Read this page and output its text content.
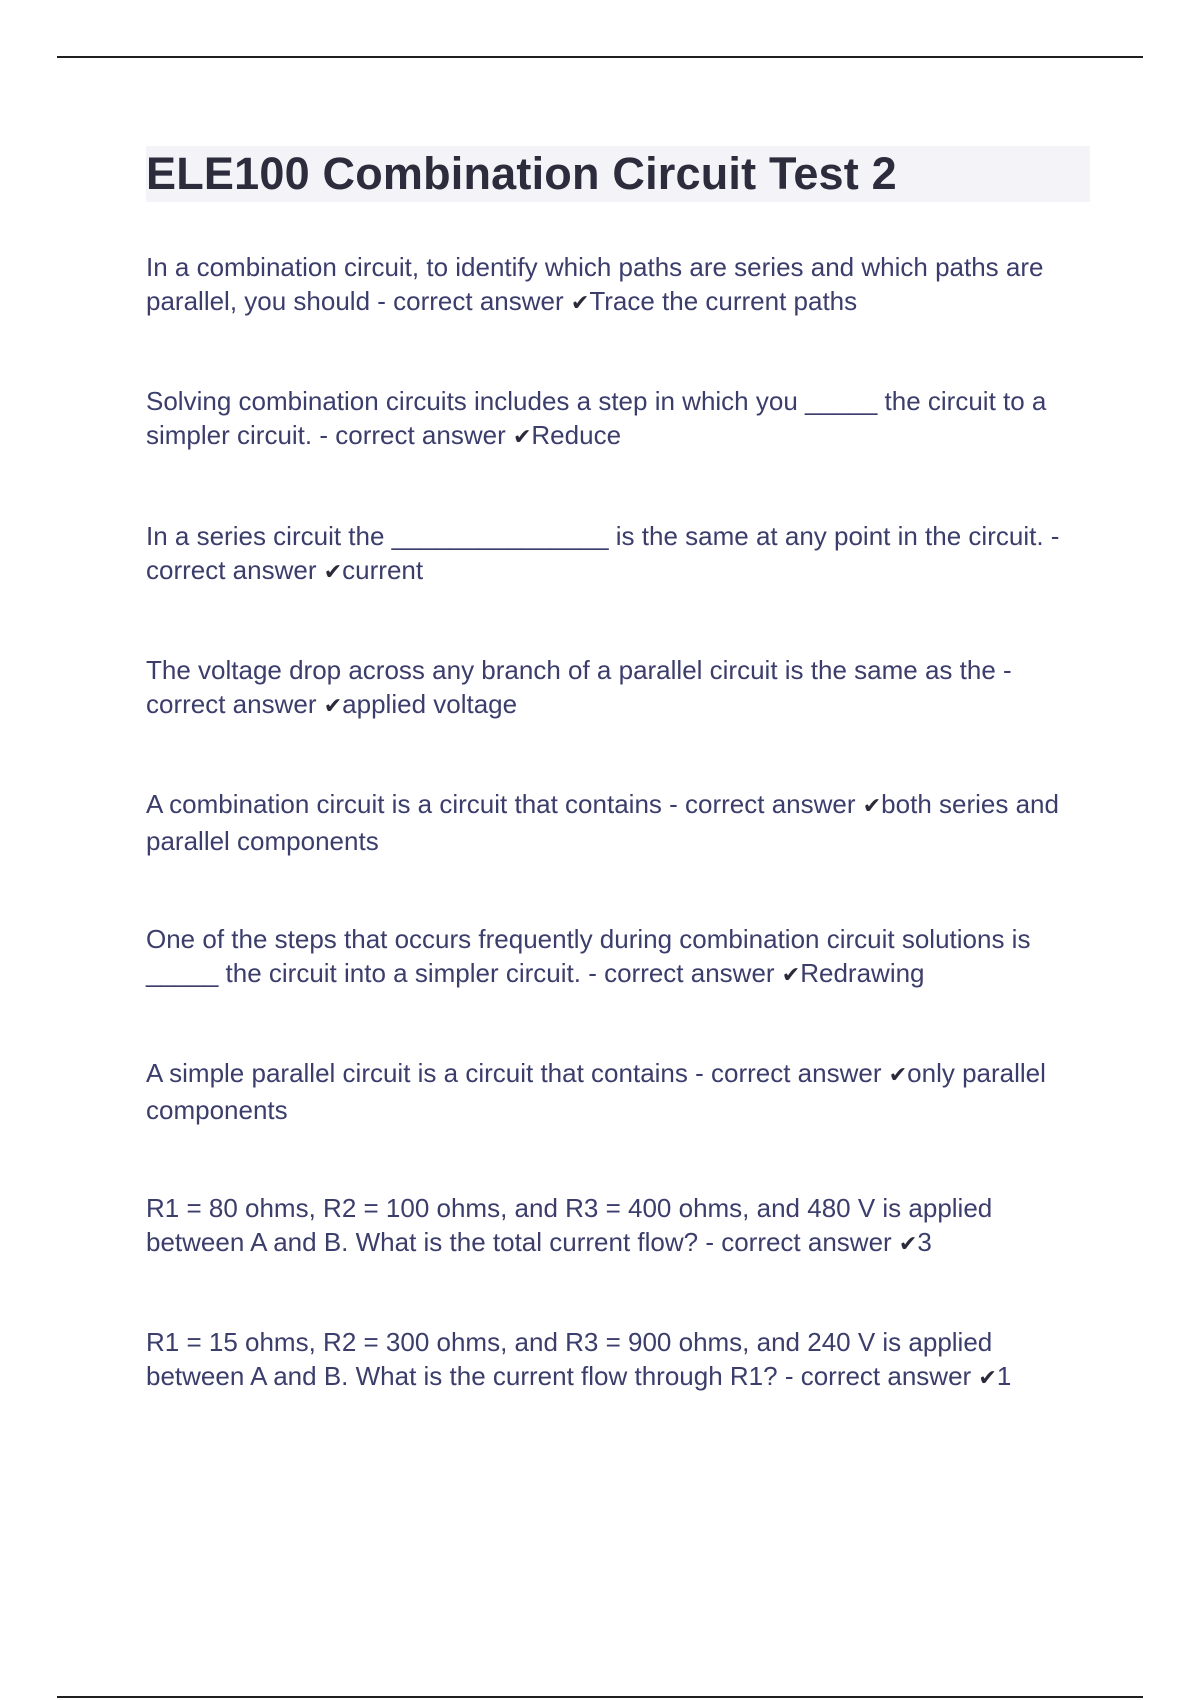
ELE100 Combination Circuit Test 2

In a combination circuit, to identify which paths are series and which paths are parallel, you should - correct answer ✔Trace the current paths

Solving combination circuits includes a step in which you _____ the circuit to a simpler circuit. - correct answer ✔Reduce

In a series circuit the _______________ is the same at any point in the circuit. - correct answer ✔current

The voltage drop across any branch of a parallel circuit is the same as the - correct answer ✔applied voltage

A combination circuit is a circuit that contains - correct answer ✔both series and parallel components

One of the steps that occurs frequently during combination circuit solutions is _____ the circuit into a simpler circuit. - correct answer ✔Redrawing

A simple parallel circuit is a circuit that contains - correct answer ✔only parallel components

R1 = 80 ohms, R2 = 100 ohms, and R3 = 400 ohms, and 480 V is applied between A and B. What is the total current flow? - correct answer ✔3

R1 = 15 ohms, R2 = 300 ohms, and R3 = 900 ohms, and 240 V is applied between A and B. What is the current flow through R1? - correct answer ✔1
